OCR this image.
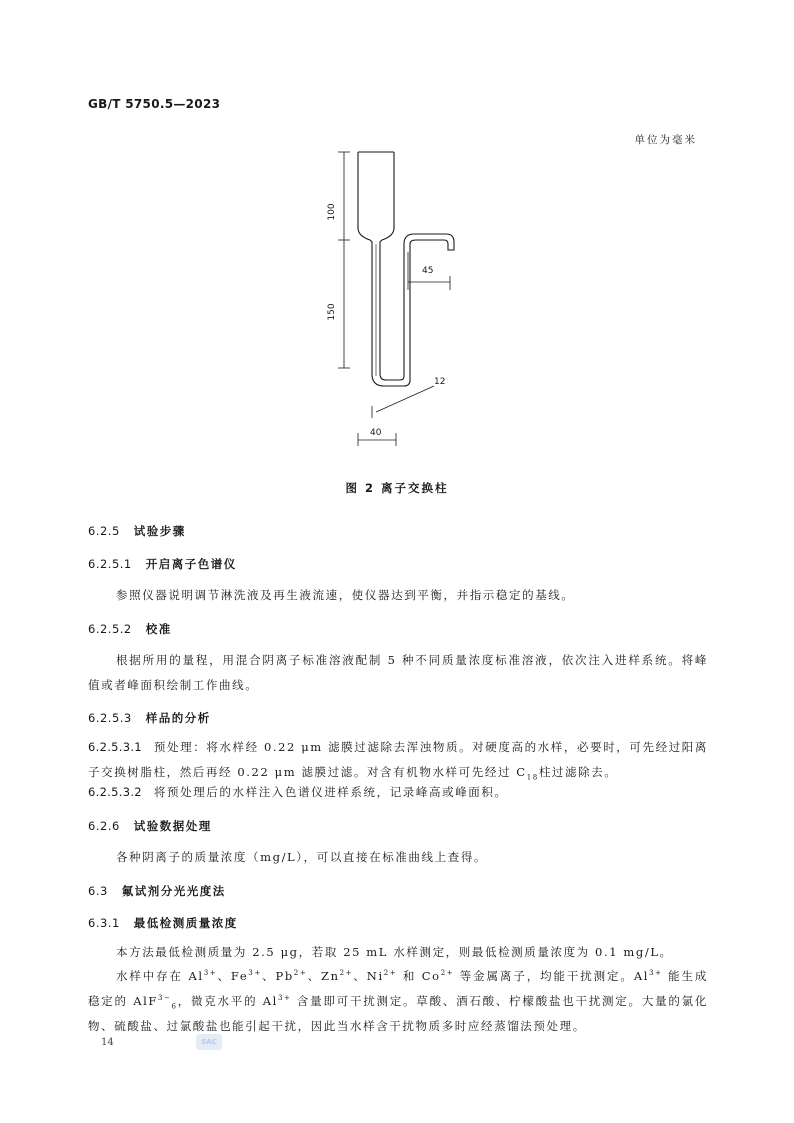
GB/T 5750.5—2023
单位为毫米
100
150
45
12
40
图 2 离子交换柱
6.2.5 试验步骤
6.2.5.1 开启离子色谱仪
参照仪器说明调节淋洗液及再生液流速，使仪器达到平衡，并指示稳定的基线。
6.2.5.2 校准
根据所用的量程，用混合阴离子标准溶液配制 5 种不同质量浓度标准溶液，依次注入进样系统。将峰值或者峰面积绘制工作曲线。
6.2.5.3 样品的分析
6.2.5.3.1 预处理：将水样经 0.22 μm 滤膜过滤除去浑浊物质。对硬度高的水样，必要时，可先经过阳离子交换树脂柱，然后再经 0.22 μm 滤膜过滤。对含有机物水样可先经过 $C_{18}$柱过滤除去。
6.2.5.3.2 将预处理后的水样注入色谱仪进样系统，记录峰高或峰面积。
6.2.6 试验数据处理
各种阴离子的质量浓度（mg/L），可以直接在标准曲线上查得。
6.3 氟试剂分光光度法
6.3.1 最低检测质量浓度
本方法最低检测质量为 2.5 μg，若取 25 mL 水样测定，则最低检测质量浓度为 0.1 mg/L。
水样中存在 $Al^{3+}$、$Fe^{3+}$、$Pb^{2+}$、$Zn^{2+}$、$Ni^{2+}$ 和 $Co^{2+}$ 等金属离子，均能干扰测定。$Al^{3+}$ 能生成稳定的 AlF$^{3-}_6$，微克水平的 $Al^{3+}$ 含量即可干扰测定。草酸、酒石酸、柠檬酸盐也干扰测定。大量的氯化物、硫酸盐、过氯酸盐也能引起干扰，因此当水样含干扰物质多时应经蒸馏法预处理。
14	SAC
